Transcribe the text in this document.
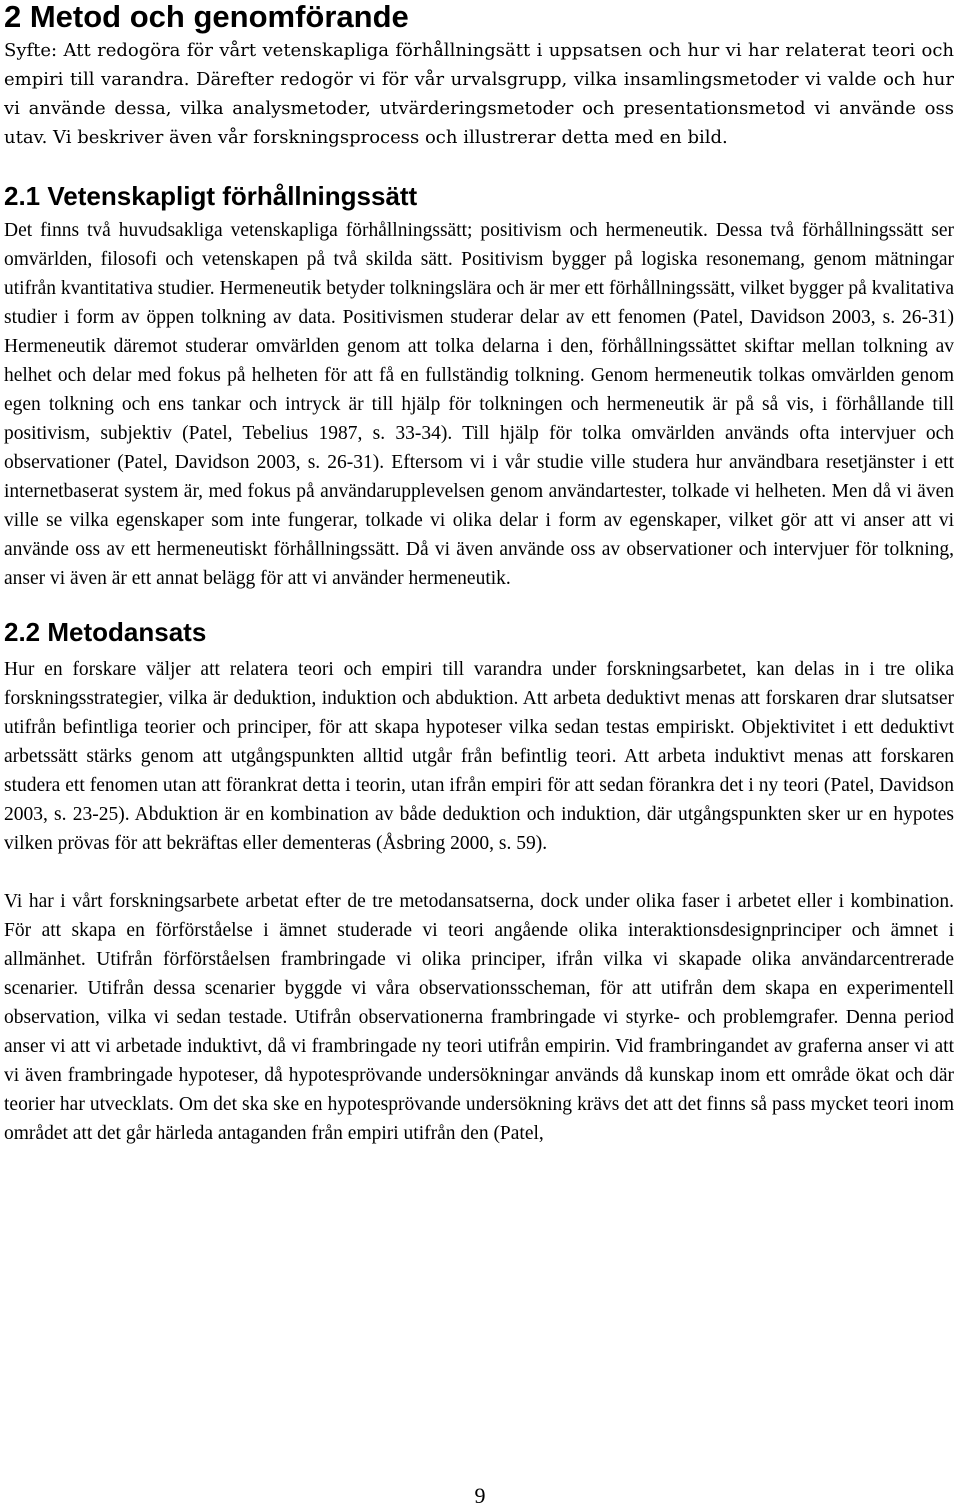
2 Metod och genomförande

Syfte: Att redogöra för vårt vetenskapliga förhållningsätt i uppsatsen och hur vi har relaterat teori och empiri till varandra. Därefter redogör vi för vår urvalsgrupp, vilka insamlingsmetoder vi valde och hur vi använde dessa, vilka analysmetoder, utvärderingsmetoder och presentationsmetod vi använde oss utav. Vi beskriver även vår forskningsprocess och illustrerar detta med en bild.

2.1 Vetenskapligt förhållningssätt

Det finns två huvudsakliga vetenskapliga förhållningssätt; positivism och hermeneutik. Dessa två förhållningssätt ser omvärlden, filosofi och vetenskapen på två skilda sätt. Positivism bygger på logiska resonemang, genom mätningar utifrån kvantitativa studier. Hermeneutik betyder tolkningslära och är mer ett förhållningssätt, vilket bygger på kvalitativa studier i form av öppen tolkning av data. Positivismen studerar delar av ett fenomen (Patel, Davidson 2003, s. 26-31) Hermeneutik däremot studerar omvärlden genom att tolka delarna i den, förhållningssättet skiftar mellan tolkning av helhet och delar med fokus på helheten för att få en fullständig tolkning. Genom hermeneutik tolkas omvärlden genom egen tolkning och ens tankar och intryck är till hjälp för tolkningen och hermeneutik är på så vis, i förhållande till positivism, subjektiv (Patel, Tebelius 1987, s. 33-34). Till hjälp för tolka omvärlden används ofta intervjuer och observationer (Patel, Davidson 2003, s. 26-31). Eftersom vi i vår studie ville studera hur användbara resetjänster i ett internetbaserat system är, med fokus på användarupplevelsen genom användartester, tolkade vi helheten. Men då vi även ville se vilka egenskaper som inte fungerar, tolkade vi olika delar i form av egenskaper, vilket gör att vi anser att vi använde oss av ett hermeneutiskt förhållningssätt. Då vi även använde oss av observationer och intervjuer för tolkning, anser vi även är ett annat belägg för att vi använder hermeneutik.

2.2 Metodansats

Hur en forskare väljer att relatera teori och empiri till varandra under forskningsarbetet, kan delas in i tre olika forskningsstrategier, vilka är deduktion, induktion och abduktion. Att arbeta deduktivt menas att forskaren drar slutsatser utifrån befintliga teorier och principer, för att skapa hypoteser vilka sedan testas empiriskt. Objektivitet i ett deduktivt arbetssätt stärks genom att utgångspunkten alltid utgår från befintlig teori. Att arbeta induktivt menas att forskaren studera ett fenomen utan att förankrat detta i teorin, utan ifrån empiri för att sedan förankra det i ny teori (Patel, Davidson 2003, s. 23-25). Abduktion är en kombination av både deduktion och induktion, där utgångspunkten sker ur en hypotes vilken prövas för att bekräftas eller dementeras (Åsbring 2000, s. 59).

Vi har i vårt forskningsarbete arbetat efter de tre metodansatserna, dock under olika faser i arbetet eller i kombination. För att skapa en förförståelse i ämnet studerade vi teori angående olika interaktionsdesignprinciper och ämnet i allmänhet. Utifrån förförståelsen frambringade vi olika principer, ifrån vilka vi skapade olika användarcentrerade scenarier. Utifrån dessa scenarier byggde vi våra observationsscheman, för att utifrån dem skapa en experimentell observation, vilka vi sedan testade. Utifrån observationerna frambringade vi styrke- och problemgrafer. Denna period anser vi att vi arbetade induktivt, då vi frambringade ny teori utifrån empirin. Vid frambringandet av graferna anser vi att vi även frambringade hypoteser, då hypotesprövande undersökningar används då kunskap inom ett område ökat och där teorier har utvecklats. Om det ska ske en hypotesprövande undersökning krävs det att det finns så pass mycket teori inom området att det går härleda antaganden från empiri utifrån den (Patel,

9
